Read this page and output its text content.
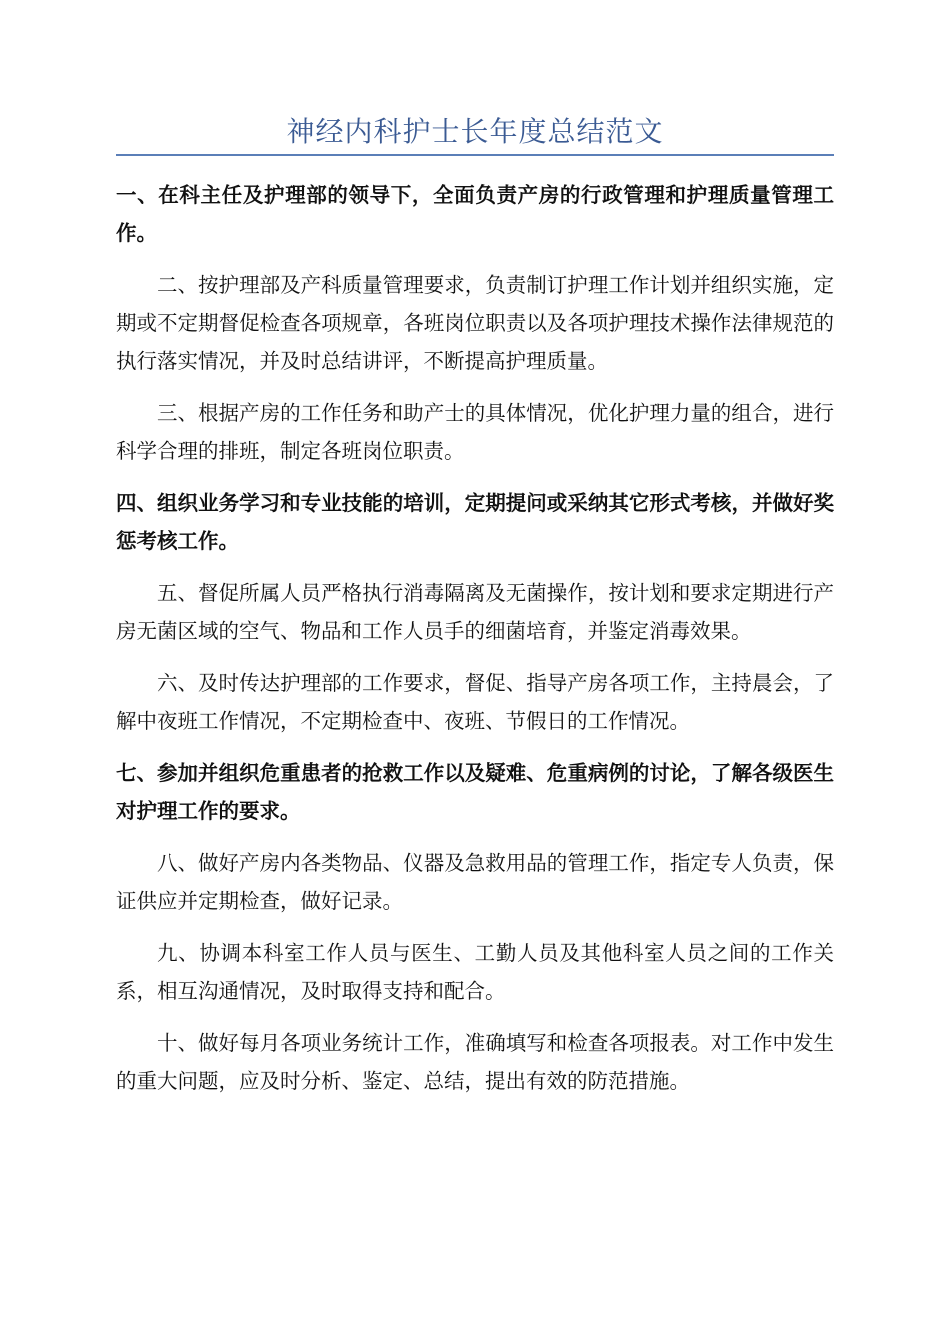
神经内科护士长年度总结范文

一、在科主任及护理部的领导下，全面负责产房的行政管理和护理质量管理工作。

二、按护理部及产科质量管理要求，负责制订护理工作计划并组织实施，定期或不定期督促检查各项规章，各班岗位职责以及各项护理技术操作法律规范的执行落实情况，并及时总结讲评，不断提高护理质量。

三、根据产房的工作任务和助产士的具体情况，优化护理力量的组合，进行科学合理的排班，制定各班岗位职责。

四、组织业务学习和专业技能的培训，定期提问或采纳其它形式考核，并做好奖惩考核工作。

五、督促所属人员严格执行消毒隔离及无菌操作，按计划和要求定期进行产房无菌区域的空气、物品和工作人员手的细菌培育，并鉴定消毒效果。

六、及时传达护理部的工作要求，督促、指导产房各项工作，主持晨会，了解中夜班工作情况，不定期检查中、夜班、节假日的工作情况。

七、参加并组织危重患者的抢救工作以及疑难、危重病例的讨论，了解各级医生对护理工作的要求。

八、做好产房内各类物品、仪器及急救用品的管理工作，指定专人负责，保证供应并定期检查，做好记录。

九、协调本科室工作人员与医生、工勤人员及其他科室人员之间的工作关系，相互沟通情况，及时取得支持和配合。

十、做好每月各项业务统计工作，准确填写和检查各项报表。对工作中发生的重大问题，应及时分析、鉴定、总结，提出有效的防范措施。
